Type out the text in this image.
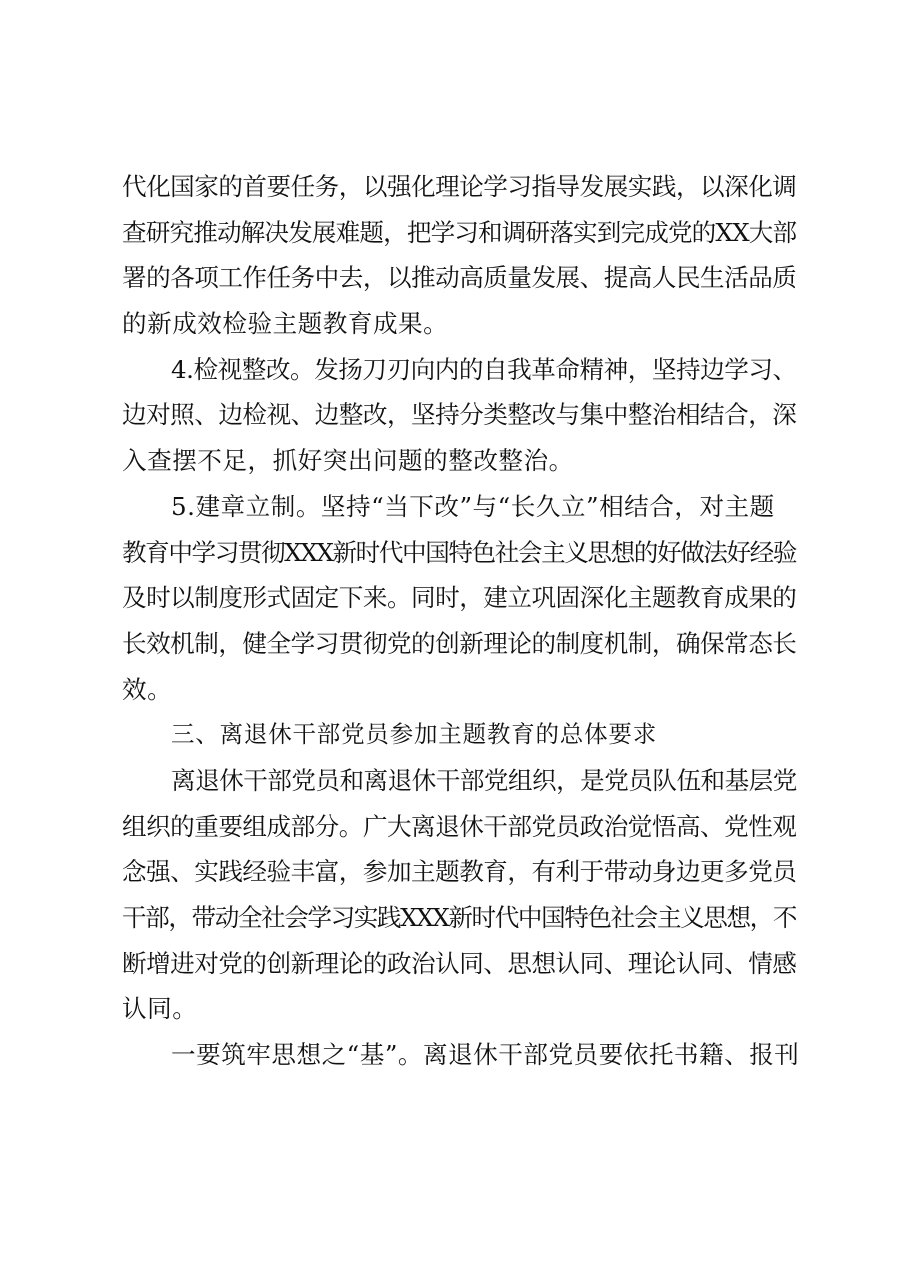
代化国家的首要任务，以强化理论学习指导发展实践，以深化调
查研究推动解决发展难题，把学习和调研落实到完成党的XX大部
署的各项工作任务中去，以推动高质量发展、提高人民生活品质
的新成效检验主题教育成果。
4.检视整改。发扬刀刃向内的自我革命精神，坚持边学习、
边对照、边检视、边整改，坚持分类整改与集中整治相结合，深
入查摆不足，抓好突出问题的整改整治。
5.建章立制。坚持“当下改”与“长久立”相结合，对主题
教育中学习贯彻XXX新时代中国特色社会主义思想的好做法好经验
及时以制度形式固定下来。同时，建立巩固深化主题教育成果的
长效机制，健全学习贯彻党的创新理论的制度机制，确保常态长
效。
三、离退休干部党员参加主题教育的总体要求
离退休干部党员和离退休干部党组织，是党员队伍和基层党
组织的重要组成部分。广大离退休干部党员政治觉悟高、党性观
念强、实践经验丰富，参加主题教育，有利于带动身边更多党员
干部，带动全社会学习实践XXX新时代中国特色社会主义思想，不
断增进对党的创新理论的政治认同、思想认同、理论认同、情感
认同。
一要筑牢思想之“基”。离退休干部党员要依托书籍、报刊
